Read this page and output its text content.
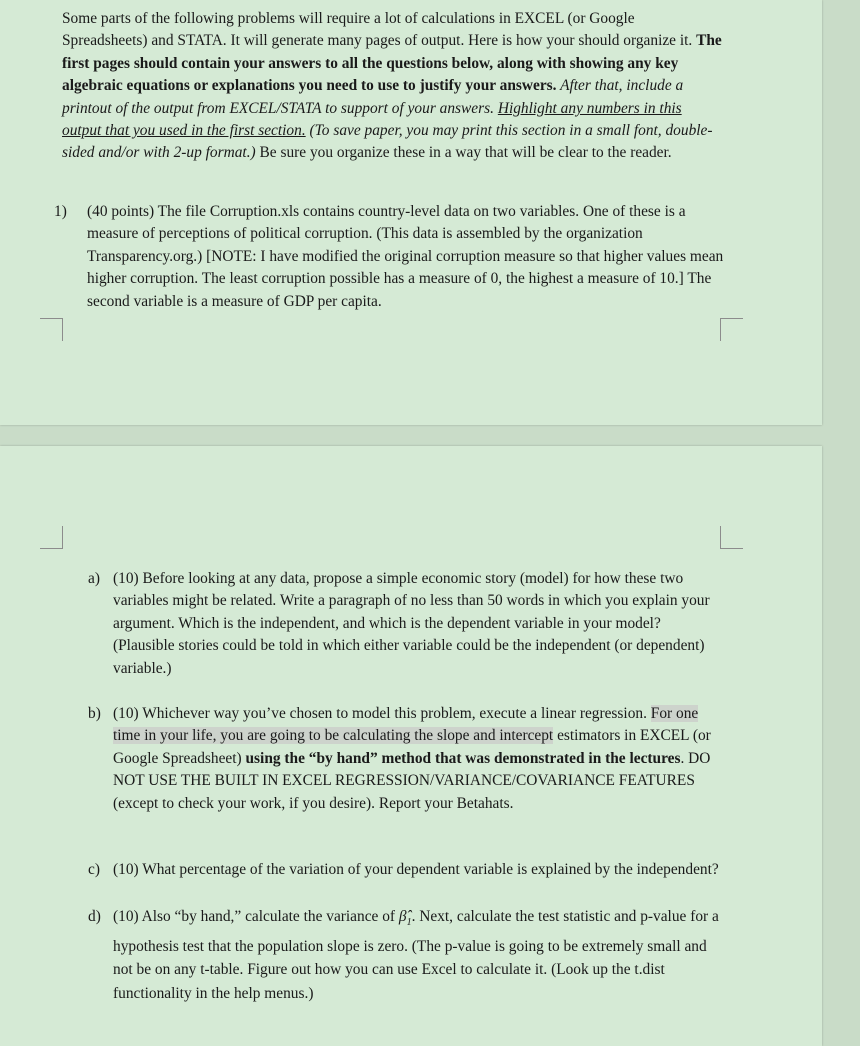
Some parts of the following problems will require a lot of calculations in EXCEL (or Google Spreadsheets) and STATA. It will generate many pages of output. Here is how your should organize it. The first pages should contain your answers to all the questions below, along with showing any key algebraic equations or explanations you need to use to justify your answers. After that, include a printout of the output from EXCEL/STATA to support of your answers. Highlight any numbers in this output that you used in the first section. (To save paper, you may print this section in a small font, double-sided and/or with 2-up format.) Be sure you organize these in a way that will be clear to the reader.
1) (40 points) The file Corruption.xls contains country-level data on two variables. One of these is a measure of perceptions of political corruption. (This data is assembled by the organization Transparency.org.) [NOTE: I have modified the original corruption measure so that higher values mean higher corruption. The least corruption possible has a measure of 0, the highest a measure of 10.] The second variable is a measure of GDP per capita.
a) (10) Before looking at any data, propose a simple economic story (model) for how these two variables might be related. Write a paragraph of no less than 50 words in which you explain your argument. Which is the independent, and which is the dependent variable in your model? (Plausible stories could be told in which either variable could be the independent (or dependent) variable.)
b) (10) Whichever way you’ve chosen to model this problem, execute a linear regression. For one time in your life, you are going to be calculating the slope and intercept estimators in EXCEL (or Google Spreadsheet) using the “by hand” method that was demonstrated in the lectures. DO NOT USE THE BUILT IN EXCEL REGRESSION/VARIANCE/COVARIANCE FEATURES (except to check your work, if you desire). Report your Betahats.
c) (10) What percentage of the variation of your dependent variable is explained by the independent?
d) (10) Also “by hand,” calculate the variance of $\betâ_1$. Next, calculate the test statistic and p-value for a hypothesis test that the population slope is zero. (The p-value is going to be extremely small and not be on any t-table. Figure out how you can use Excel to calculate it. (Look up the t.dist functionality in the help menus.)
